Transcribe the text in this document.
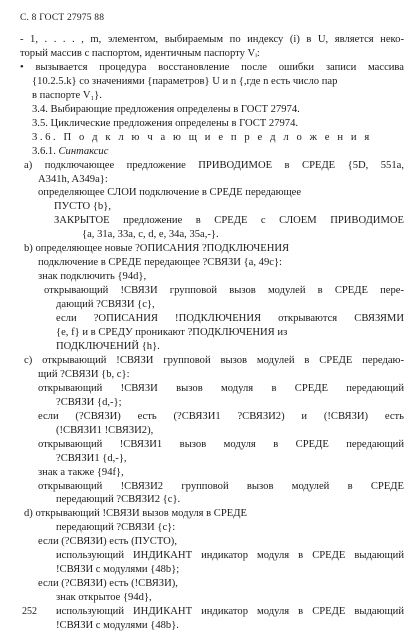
С. 8 ГОСТ 27975 88
- 1, . . . . , m, элементом, выбираемым по индексу (i) в U, является неко-
торый массив с паспортом, идентичным паспорту Vᵢ:
• вызывается процедура восстановление после ошибки записи массива
{10.2.5.k} со значениями {параметров} U и n {,где n есть число пар
в паспорте V₁}.
3.4. Выбирающие предложения определены в ГОСТ 27974.
3.5. Циклические предложения определены в ГОСТ 27974.
3.6. П о д к л ю ч а ю щ и е п р е д л о ж е н и я
3.6.1. Синтаксис
a) подключающее предложение ПРИВОДИМОЕ в СРЕДЕ {5D, 551a,
A341h, A349a}:
определяющее СЛОИ подключение в СРЕДЕ передающее
ПУСТО {b},
ЗАКРЫТОЕ предложение в СРЕДЕ с СЛОЕМ ПРИВОДИМОЕ
{a, 31a, 33a, c, d, e, 34a, 35a,-}.
b) определяющее новые ?ОПИСАНИЯ ?ПОДКЛЮЧЕНИЯ
подключение в СРЕДЕ передающее ?СВЯЗИ {a, 49c}:
знак подключить {94d},
открывающий !СВЯЗИ групповой вызов модулей в СРЕДЕ пере-
дающий ?СВЯЗИ {c},
если ?ОПИСАНИЯ !ПОДКЛЮЧЕНИЯ открываются СВЯЗЯМИ
{e, f} и в СРЕДУ проникают ?ПОДКЛЮЧЕНИЯ из
ПОДКЛЮЧЕНИЙ {h}.
c) открывающий !СВЯЗИ групповой вызов модулей в СРЕДЕ передаю-
щий ?СВЯЗИ {b, c}:
открывающий !СВЯЗИ вызов модуля в СРЕДЕ передающий
?СВЯЗИ {d,-};
если (?СВЯЗИ) есть (?СВЯЗИ1 ?СВЯЗИ2) и (!СВЯЗИ) есть
(!СВЯЗИ1 !СВЯЗИ2),
открывающий !СВЯЗИ1 вызов модуля в СРЕДЕ передающий
?СВЯЗИ1 {d,-},
знак а также {94f},
открывающий !СВЯЗИ2 групповой вызов модулей в СРЕДЕ
передающий ?СВЯЗИ2 {c}.
d) открывающий !СВЯЗИ вызов модуля в СРЕДЕ
передающий ?СВЯЗИ {c}:
если (?СВЯЗИ) есть (ПУСТО),
использующий ИНДИКАНТ индикатор модуля в СРЕДЕ выдающий
!СВЯЗИ с модулями {48b};
если (?СВЯЗИ) есть (!СВЯЗИ),
знак открытое {94d},
использующий ИНДИКАНТ индикатор модуля в СРЕДЕ выдающий
!СВЯЗИ с модулями {48b}.
252
